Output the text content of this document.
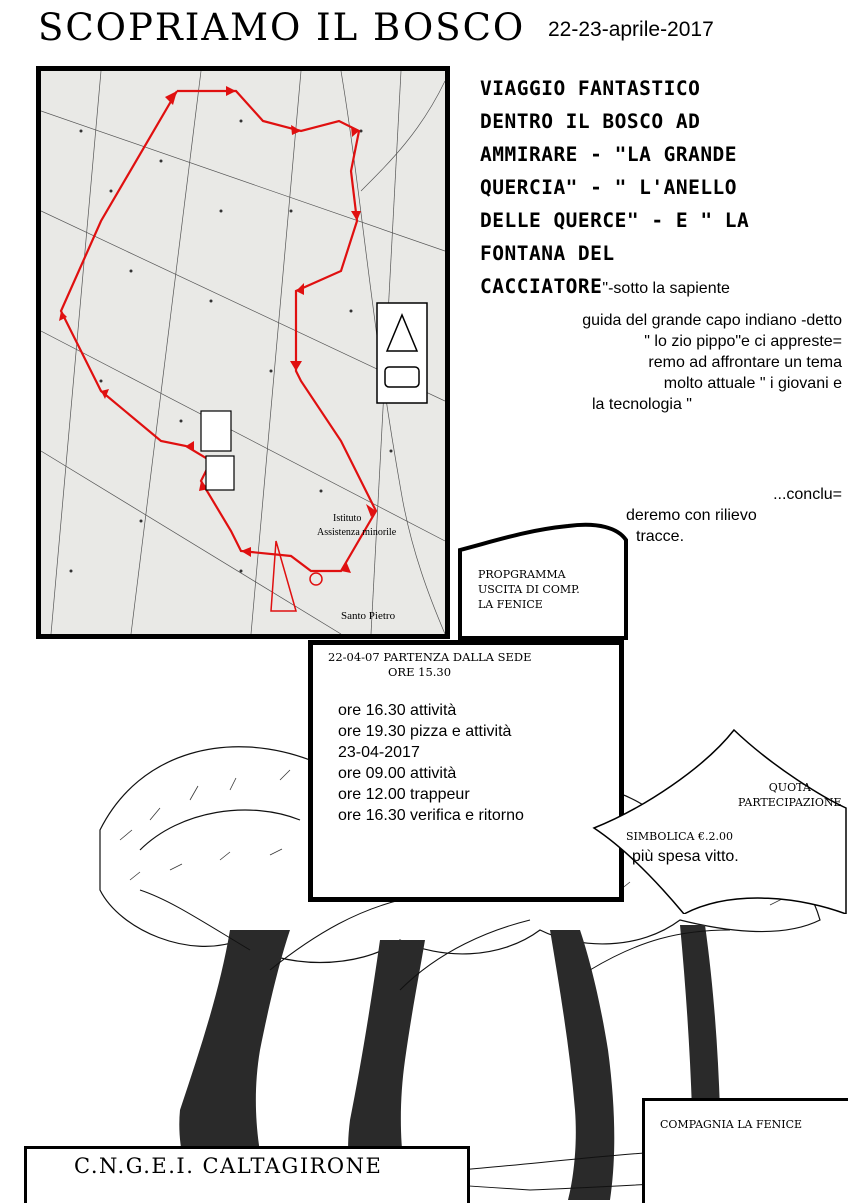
SCOPRIAMO IL BOSCO 22-23-aprile-2017
Istituto
Assistenza minorile
Santo Pietro
VIAGGIO FANTASTICO
DENTRO IL BOSCO AD
AMMIRARE - "LA GRANDE
QUERCIA" - " L'ANELLO
DELLE QUERCE" - E " LA
FONTANA DEL
CACCIATORE"-sotto la sapiente
guida del grande capo indiano -detto
" lo zio pippo"e ci appreste=
remo ad affrontare un tema
molto attuale " i giovani e
la tecnologia "
...conclu=
deremo con rilievo
tracce.
PROPGRAMMA
USCITA DI COMP.
LA FENICE
22-04-07 PARTENZA DALLA SEDE
ORE 15.30
ore 16.30 attività
ore 19.30 pizza e attività
23-04-2017
ore 09.00 attività
ore 12.00 trappeur
ore 16.30 verifica e ritorno
QUOTA
PARTECIPAZIONE
SIMBOLICA €.2.00
più spesa vitto.
COMPAGNIA LA FENICE
C.N.G.E.I. CALTAGIRONE
